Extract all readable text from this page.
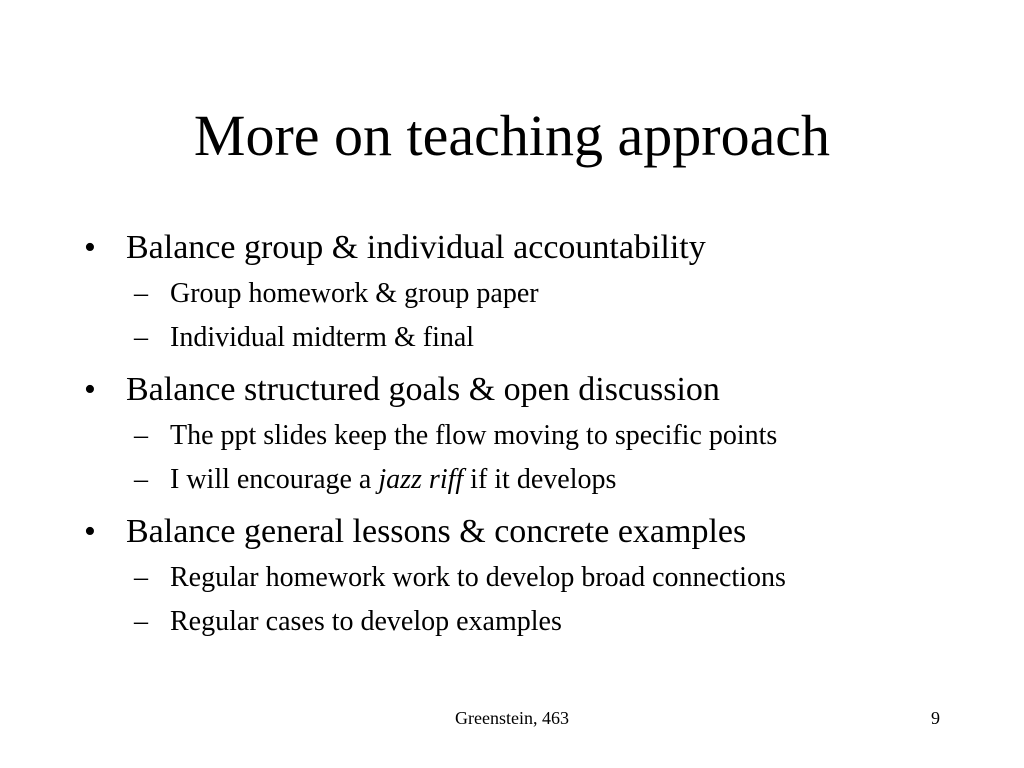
More on teaching approach
• Balance group & individual accountability
– Group homework & group paper
– Individual midterm & final
• Balance structured goals & open discussion
– The ppt slides keep the flow moving to specific points
– I will encourage a jazz riff if it develops
• Balance general lessons & concrete examples
– Regular homework work to develop broad connections
– Regular cases to develop examples
Greenstein, 463	9
